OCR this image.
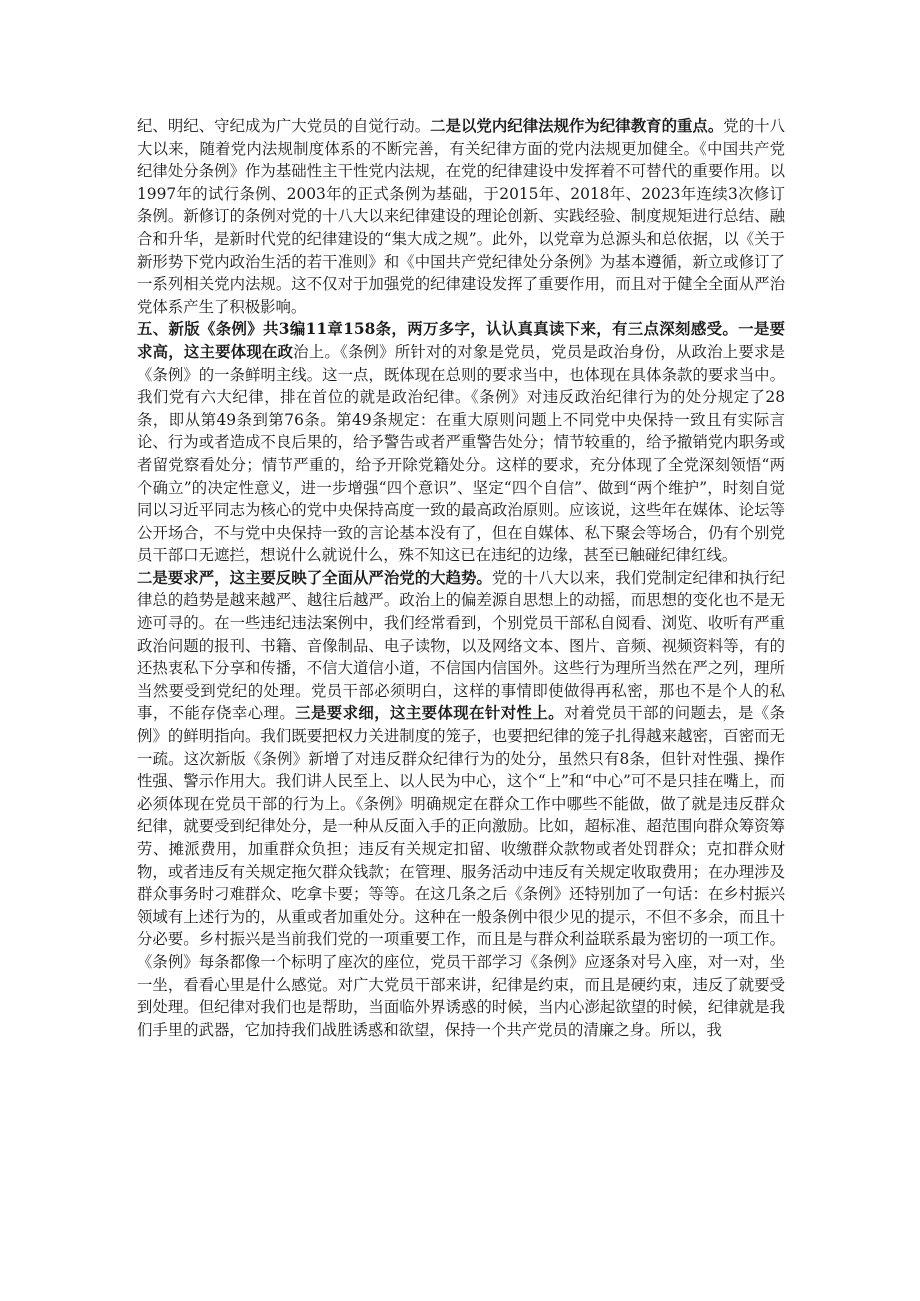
纪、明纪、守纪成为广大党员的自觉行动。二是以党内纪律法规作为纪律教育的重点。党的十八大以来，随着党内法规制度体系的不断完善，有关纪律方面的党内法规更加健全。《中国共产党纪律处分条例》作为基础性主干性党内法规，在党的纪律建设中发挥着不可替代的重要作用。以1997年的试行条例、2003年的正式条例为基础，于2015年、2018年、2023年连续3次修订条例。新修订的条例对党的十八大以来纪律建设的理论创新、实践经验、制度规矩进行总结、融合和升华，是新时代党的纪律建设的“集大成之规”。此外，以党章为总源头和总依据，以《关于新形势下党内政治生活的若干准则》和《中国共产党纪律处分条例》为基本遵循，新立或修订了一系列相关党内法规。这不仅对于加强党的纪律建设发挥了重要作用，而且对于健全全面从严治党体系产生了积极影响。

五、新版《条例》共3编11章158条，两万多字，认认真真读下来，有三点深刻感受。一是要求高，这主要体现在政治上。《条例》所针对的对象是党员，党员是政治身份，从政治上要求是《条例》的一条鲜明主线。这一点，既体现在总则的要求当中，也体现在具体条款的要求当中。我们党有六大纪律，排在首位的就是政治纪律。《条例》对违反政治纪律行为的处分规定了28条，即从第49条到第76条。第49条规定：在重大原则问题上不同党中央保持一致且有实际言论、行为或者造成不良后果的，给予警告或者严重警告处分；情节较重的，给予撤销党内职务或者留党察看处分；情节严重的，给予开除党籍处分。这样的要求，充分体现了全党深刻领悟“两个确立”的决定性意义，进一步增强“四个意识”、坚定“四个自信”、做到“两个维护”，时刻自觉同以习近平同志为核心的党中央保持高度一致的最高政治原则。应该说，这些年在媒体、论坛等公开场合，不与党中央保持一致的言论基本没有了，但在自媒体、私下聚会等场合，仍有个别党员干部口无遮拦，想说什么就说什么，殊不知这已在违纪的边缘，甚至已触碰纪律红线。

二是要求严，这主要反映了全面从严治党的大趋势。党的十八大以来，我们党制定纪律和执行纪律总的趋势是越来越严、越往后越严。政治上的偏差源自思想上的动摇，而思想的变化也不是无迹可寻的。在一些违纪违法案例中，我们经常看到，个别党员干部私自阅看、浏览、收听有严重政治问题的报刊、书籍、音像制品、电子读物，以及网络文本、图片、音频、视频资料等，有的还热衷私下分享和传播，不信大道信小道，不信国内信国外。这些行为理所当然在严之列，理所当然要受到党纪的处理。党员干部必须明白，这样的事情即使做得再私密，那也不是个人的私事，不能存侥幸心理。三是要求细，这主要体现在针对性上。对着党员干部的问题去，是《条例》的鲜明指向。我们既要把权力关进制度的笼子，也要把纪律的笼子扎得越来越密，百密而无一疏。这次新版《条例》新增了对违反群众纪律行为的处分，虽然只有8条，但针对性强、操作性强、警示作用大。我们讲人民至上、以人民为中心，这个“上”和“中心”可不是只挂在嘴上，而必须体现在党员干部的行为上。《条例》明确规定在群众工作中哪些不能做，做了就是违反群众纪律，就要受到纪律处分，是一种从反面入手的正向激励。比如，超标准、超范围向群众筹资筹劳、摊派费用，加重群众负担；违反有关规定扣留、收缴群众款物或者处罚群众；克扣群众财物，或者违反有关规定拖欠群众钱款；在管理、服务活动中违反有关规定收取费用；在办理涉及群众事务时刁难群众、吃拿卡要；等等。在这几条之后《条例》还特别加了一句话：在乡村振兴领域有上述行为的，从重或者加重处分。这种在一般条例中很少见的提示，不但不多余，而且十分必要。乡村振兴是当前我们党的一项重要工作，而且是与群众利益联系最为密切的一项工作。《条例》每条都像一个标明了座次的座位，党员干部学习《条例》应逐条对号入座，对一对，坐一坐，看看心里是什么感觉。对广大党员干部来讲，纪律是约束，而且是硬约束，违反了就要受到处理。但纪律对我们也是帮助，当面临外界诱惑的时候，当内心澎起欲望的时候，纪律就是我们手里的武器，它加持我们战胜诱惑和欲望，保持一个共产党员的清廉之身。所以，我
